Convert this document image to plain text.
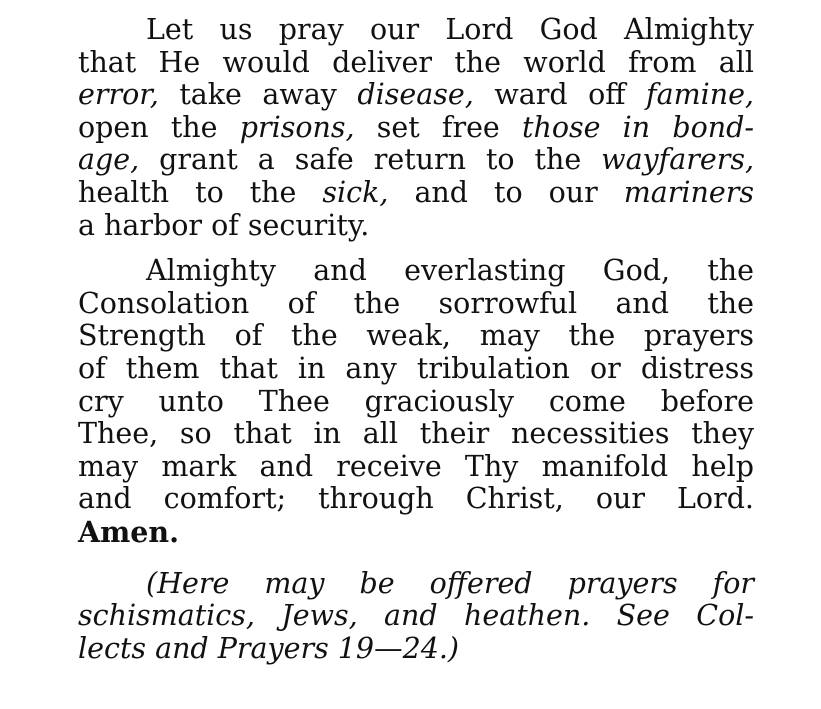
Let us pray our Lord God Almighty
that He would deliver the world from all
error, take away disease, ward off famine,
open the prisons, set free those in bond-
age, grant a safe return to the wayfarers,
health to the sick, and to our mariners
a harbor of security.
Almighty and everlasting God, the
Consolation of the sorrowful and the
Strength of the weak, may the prayers
of them that in any tribulation or distress
cry unto Thee graciously come before
Thee, so that in all their necessities they
may mark and receive Thy manifold help
and comfort; through Christ, our Lord.
Amen.
(Here may be offered prayers for
schismatics, Jews, and heathen. See Col-
lects and Prayers 19—24.)
